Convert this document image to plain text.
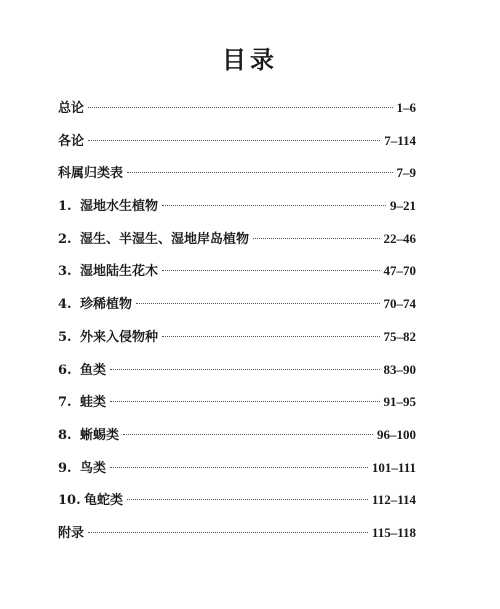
目录
总论	1–6
各论	7–114
科属归类表	7–9
1. 湿地水生植物	9–21
2. 湿生、半湿生、湿地岸岛植物	22–46
3. 湿地陆生花木	47–70
4. 珍稀植物	70–74
5. 外来入侵物种	75–82
6. 鱼类	83–90
7. 蛙类	91–95
8. 蜥蜴类	96–100
9. 鸟类	101–111
10. 龟蛇类	112–114
附录	115–118
